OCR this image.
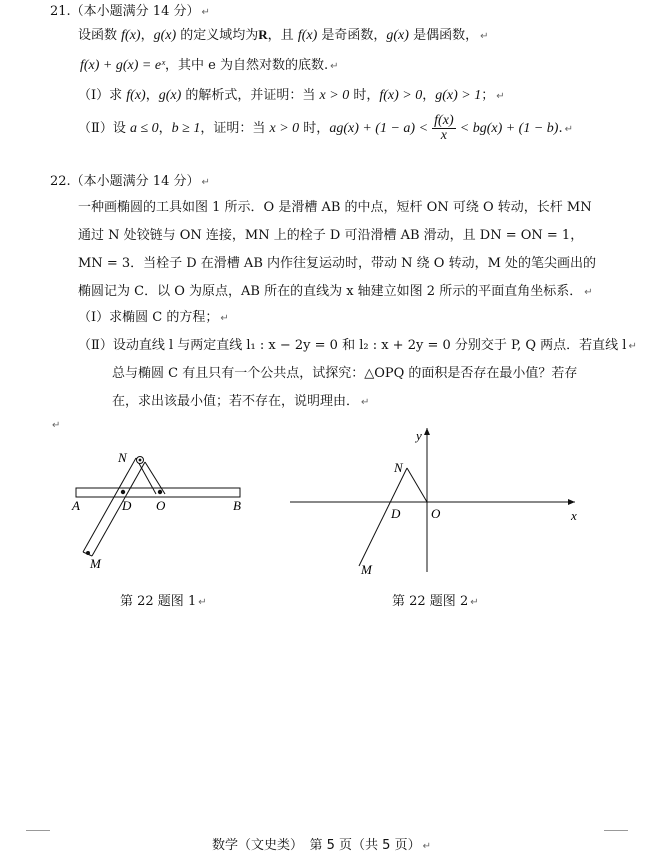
21.（本小题满分 14 分） ↵
设函数 f(x)，g(x) 的定义域均为R，且 f(x) 是奇函数，g(x) 是偶函数， ↵
f(x) + g(x) = eˣ，其中 e 为自然对数的底数. ↵
（Ⅰ）求 f(x)，g(x) 的解析式，并证明：当 x > 0 时，f(x) > 0，g(x) > 1； ↵
（Ⅱ）设 a ≤ 0，b ≥ 1，证明：当 x > 0 时，$ag(x) + (1 - a) < \frac{f(x)}{x} < bg(x) + (1 - b)$. ↵
22.（本小题满分 14 分） ↵
一种画椭圆的工具如图 1 所示．O 是滑槽 AB 的中点，短杆 ON 可绕 O 转动，长杆 MN
通过 N 处铰链与 ON 连接，MN 上的栓子 D 可沿滑槽 AB 滑动，且 DN = ON = 1，
MN = 3．当栓子 D 在滑槽 AB 内作往复运动时，带动 N 绕 O 转动，M 处的笔尖画出的
椭圆记为 C．以 O 为原点，AB 所在的直线为 x 轴建立如图 2 所示的平面直角坐标系． ↵
（Ⅰ）求椭圆 C 的方程； ↵
（Ⅱ）设动直线 l 与两定直线 l₁ : x − 2y = 0 和 l₂ : x + 2y = 0 分别交于 P, Q 两点．若直线 l ↵
总与椭圆 C 有且只有一个公共点，试探究：△OPQ 的面积是否存在最小值？若存
在，求出该最小值；若不存在，说明理由． ↵
↵
N
A	D O	B
M
第 22 题图 1 ↵
y
N
D O	x
M
第 22 题图 2 ↵
数学（文史类）　第 5 页（共 5 页） ↵
